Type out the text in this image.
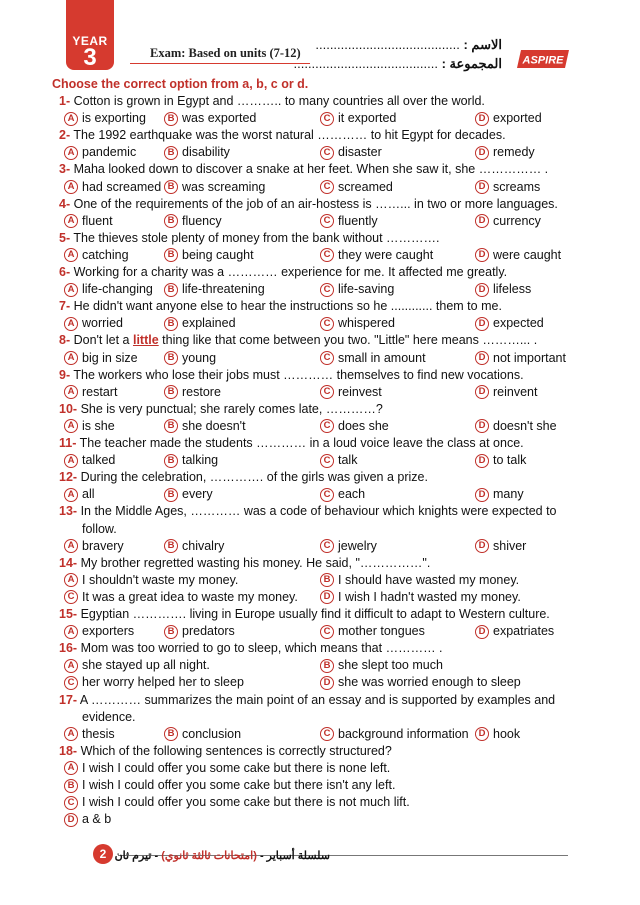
YEAR
3	Exam: Based on units (7-12)
الاسم : ........................................
المجموعة : ........................................	ASPIRE
Choose the correct option from a, b, c or d.
1- Cotton is grown in Egypt and ……….. to many countries all over the world.
A is exporting	B was exported	C it exported	D exported
2- The 1992 earthquake was the worst natural ………… to hit Egypt for decades.
A pandemic	B disability	C disaster	D remedy
3- Maha looked down to discover a snake at her feet. When she saw it, she …………… .
A had screamed B was screaming	C screamed	D screams
4- One of the requirements of the job of an air-hostess is ……... in two or more languages.
A fluent	B fluency	C fluently	D currency
5- The thieves stole plenty of money from the bank without ………….
A catching	B being caught	C they were caught	D were caught
6- Working for a charity was a ………… experience for me. It affected me greatly.
A life-changing	B life-threatening	C life-saving	D lifeless
7- He didn't want anyone else to hear the instructions so he ............ them to me.
A worried	B explained	C whispered	D expected
8- Don't let a little thing like that come between you two. "Little" here means ………... .
A big in size	B young	C small in amount	D not important
9- The workers who lose their jobs must ………… themselves to find new vocations.
A restart	B restore	C reinvest	D reinvent
10- She is very punctual; she rarely comes late, …………?
A is she	B she doesn't	C does she	D doesn't she
11- The teacher made the students ………… in a loud voice leave the class at once.
A talked	B talking	C talk	D to talk
12- During the celebration, …………. of the girls was given a prize.
A all	B every	C each	D many
13- In the Middle Ages, ………… was a code of behaviour which knights were expected to
follow.
A bravery	B chivalry	C jewelry	D shiver
14- My brother regretted wasting his money. He said, "……………".
A I shouldn't waste my money.	B I should have wasted my money.
C It was a great idea to waste my money.	D I wish I hadn't wasted my money.
15- Egyptian …………. living in Europe usually find it difficult to adapt to Western culture.
A exporters	B predators	C mother tongues	D expatriates
16- Mom was too worried to go to sleep, which means that ………… .
A she stayed up all night.	B she slept too much
C her worry helped her to sleep	D she was worried enough to sleep
17- A ………… summarizes the main point of an essay and is supported by examples and
evidence.
A thesis	B conclusion	C background information	D hook
18- Which of the following sentences is correctly structured?
A I wish I could offer you some cake but there is none left.
B I wish I could offer you some cake but there isn't any left.
C I wish I could offer you some cake but there is not much lift.
D a & b
2	سلسلة أسباير - (امتحانات ثالثة ثانوي) - تيرم ثان
